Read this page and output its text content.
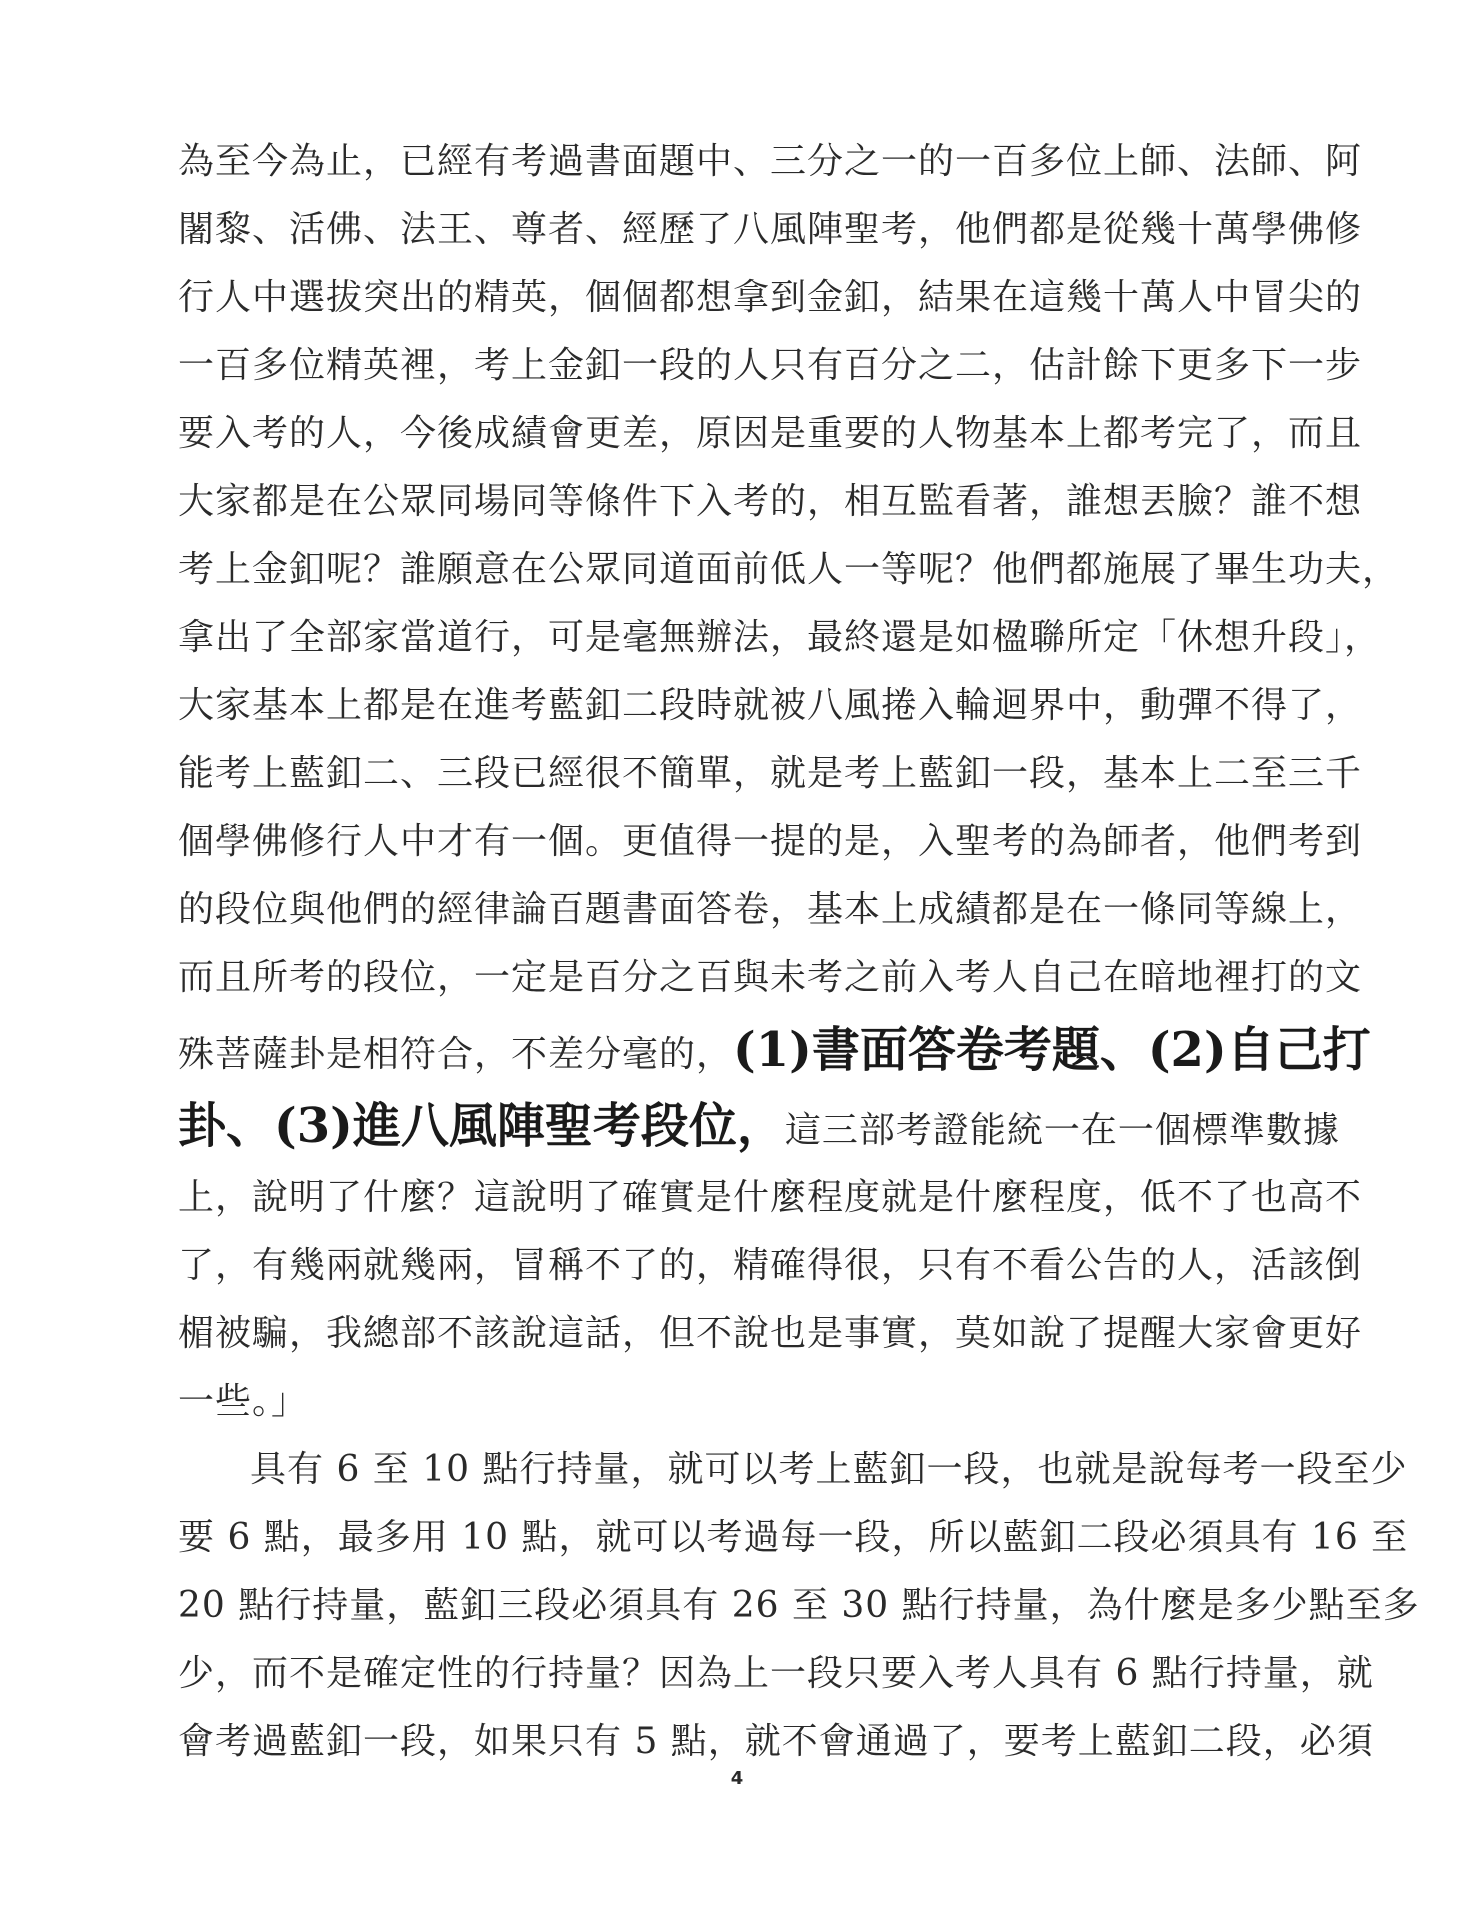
為至今為止，已經有考過書面題中、三分之一的一百多位上師、法師、阿
闍黎、活佛、法王、尊者、經歷了八風陣聖考，他們都是從幾十萬學佛修
行人中選拔突出的精英，個個都想拿到金釦，結果在這幾十萬人中冒尖的
一百多位精英裡，考上金釦一段的人只有百分之二，估計餘下更多下一步
要入考的人，今後成績會更差，原因是重要的人物基本上都考完了，而且
大家都是在公眾同場同等條件下入考的，相互監看著，誰想丟臉？誰不想
考上金釦呢？誰願意在公眾同道面前低人一等呢？他們都施展了畢生功夫，
拿出了全部家當道行，可是毫無辦法，最終還是如楹聯所定「休想升段」，
大家基本上都是在進考藍釦二段時就被八風捲入輪迴界中，動彈不得了，
能考上藍釦二、三段已經很不簡單，就是考上藍釦一段，基本上二至三千
個學佛修行人中才有一個。更值得一提的是，入聖考的為師者，他們考到
的段位與他們的經律論百題書面答卷，基本上成績都是在一條同等線上，
而且所考的段位，一定是百分之百與未考之前入考人自己在暗地裡打的文
殊菩薩卦是相符合，不差分毫的，(1)書面答卷考題、(2)自己打
卦、(3)進八風陣聖考段位，這三部考證能統一在一個標準數據
上，說明了什麼？這說明了確實是什麼程度就是什麼程度，低不了也高不
了，有幾兩就幾兩，冒稱不了的，精確得很，只有不看公告的人，活該倒
楣被騙，我總部不該說這話，但不說也是事實，莫如說了提醒大家會更好
一些。」
具有 6 至 10 點行持量，就可以考上藍釦一段，也就是說每考一段至少
要 6 點，最多用 10 點，就可以考過每一段，所以藍釦二段必須具有 16 至
20 點行持量，藍釦三段必須具有 26 至 30 點行持量，為什麼是多少點至多
少，而不是確定性的行持量？因為上一段只要入考人具有 6 點行持量，就
會考過藍釦一段，如果只有 5 點，就不會通過了，要考上藍釦二段，必須
4
